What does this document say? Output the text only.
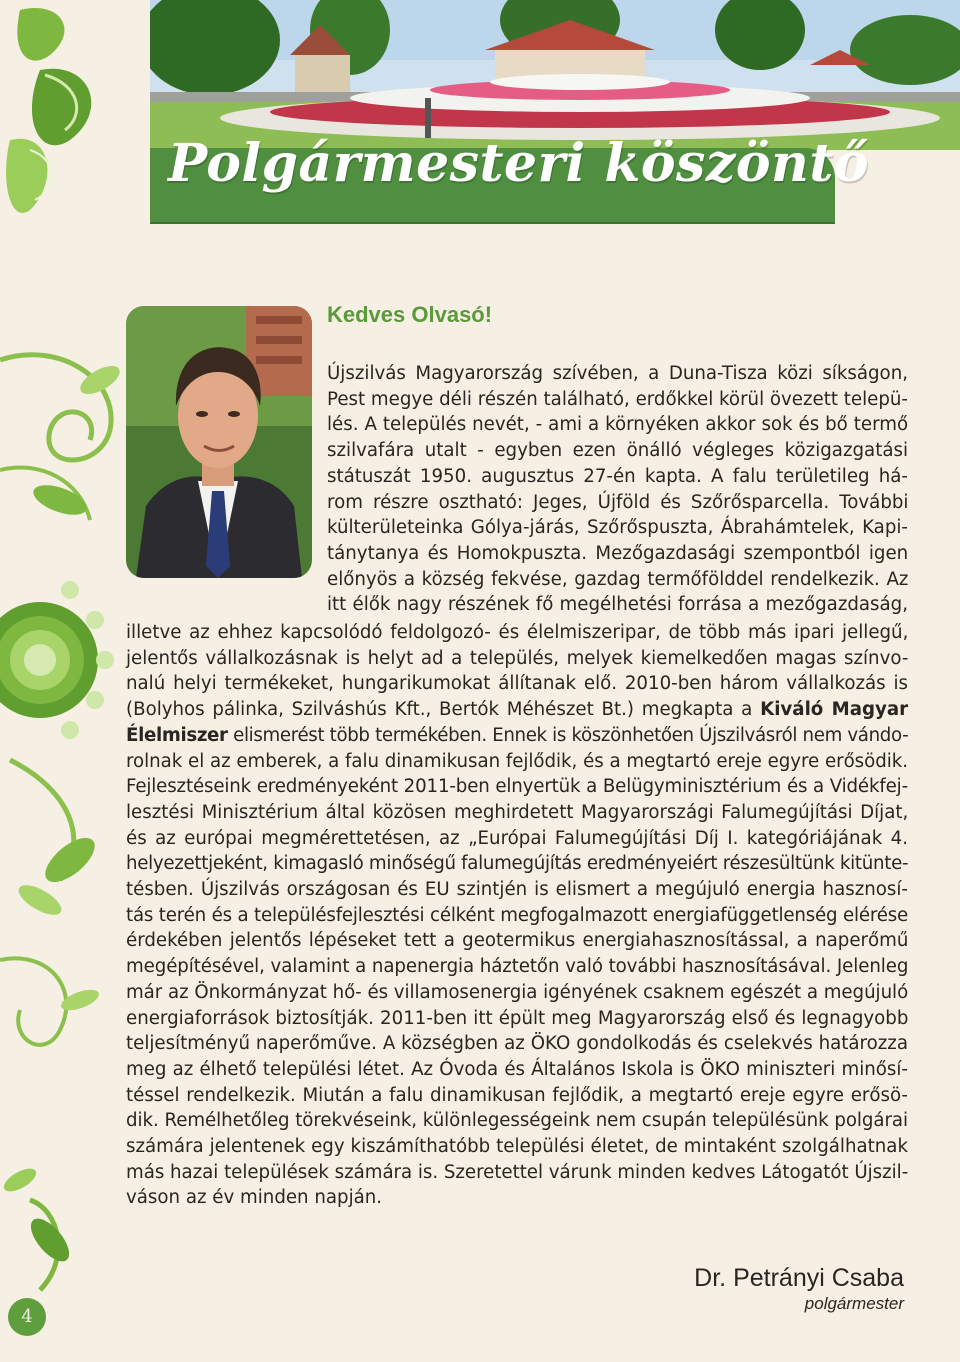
Polgármesteri köszöntő
Kedves Olvasó!
Újszilvás Magyarország szívében, a Duna-Tisza közi síkságon,
Pest megye déli részén található, erdőkkel körül övezett telepü-
lés. A település nevét, - ami a környéken akkor sok és bő termő
szilvafára utalt - egyben ezen önálló végleges közigazgatási
státuszát 1950. augusztus 27-én kapta. A falu területileg há-
rom részre osztható: Jeges, Újföld és Szőrősparcella. További
külterületeinka Gólya-járás, Szőrőspuszta, Ábrahámtelek, Kapi-
tánytanya és Homokpuszta. Mezőgazdasági szempontból igen
előnyös a község fekvése, gazdag termőfölddel rendelkezik. Az
itt élők nagy részének fő megélhetési forrása a mezőgazdaság,
illetve az ehhez kapcsolódó feldolgozó- és élelmiszeripar, de több más ipari jellegű,
jelentős vállalkozásnak is helyt ad a település, melyek kiemelkedően magas színvo-
nalú helyi termékeket, hungarikumokat állítanak elő. 2010-ben három vállalkozás is
(Bolyhos pálinka, Szilváshús Kft., Bertók Méhészet Bt.) megkapta a Kiváló Magyar
Élelmiszer elismerést több termékében. Ennek is köszönhetően Újszilvásról nem vándo-
rolnak el az emberek, a falu dinamikusan fejlődik, és a megtartó ereje egyre erősödik.
Fejlesztéseink eredményeként 2011-ben elnyertük a Belügyminisztérium és a Vidékfej-
lesztési Minisztérium által közösen meghirdetett Magyarországi Falumegújítási Díjat,
és az európai megmérettetésen, az „Európai Falumegújítási Díj I. kategóriájának 4.
helyezettjeként, kimagasló minőségű falumegújítás eredményeiért részesültünk kitünte-
tésben. Újszilvás országosan és EU szintjén is elismert a megújuló energia hasznosí-
tás terén és a településfejlesztési célként megfogalmazott energiafüggetlenség elérése
érdekében jelentős lépéseket tett a geotermikus energiahasznosítással, a naperőmű
megépítésével, valamint a napenergia háztetőn való további hasznosításával. Jelenleg
már az Önkormányzat hő- és villamosenergia igényének csaknem egészét a megújuló
energiaforrások biztosítják. 2011-ben itt épült meg Magyarország első és legnagyobb
teljesítményű naperőműve. A községben az ÖKO gondolkodás és cselekvés határozza
meg az élhető települési létet. Az Óvoda és Általános Iskola is ÖKO miniszteri minősí-
téssel rendelkezik. Miután a falu dinamikusan fejlődik, a megtartó ereje egyre erősö-
dik. Remélhetőleg törekvéseink, különlegességeink nem csupán településünk polgárai
számára jelentenek egy kiszámíthatóbb települési életet, de mintaként szolgálhatnak
más hazai települések számára is. Szeretettel várunk minden kedves Látogatót Újszil-
váson az év minden napján.
Dr. Petrányi Csaba
polgármester
4
